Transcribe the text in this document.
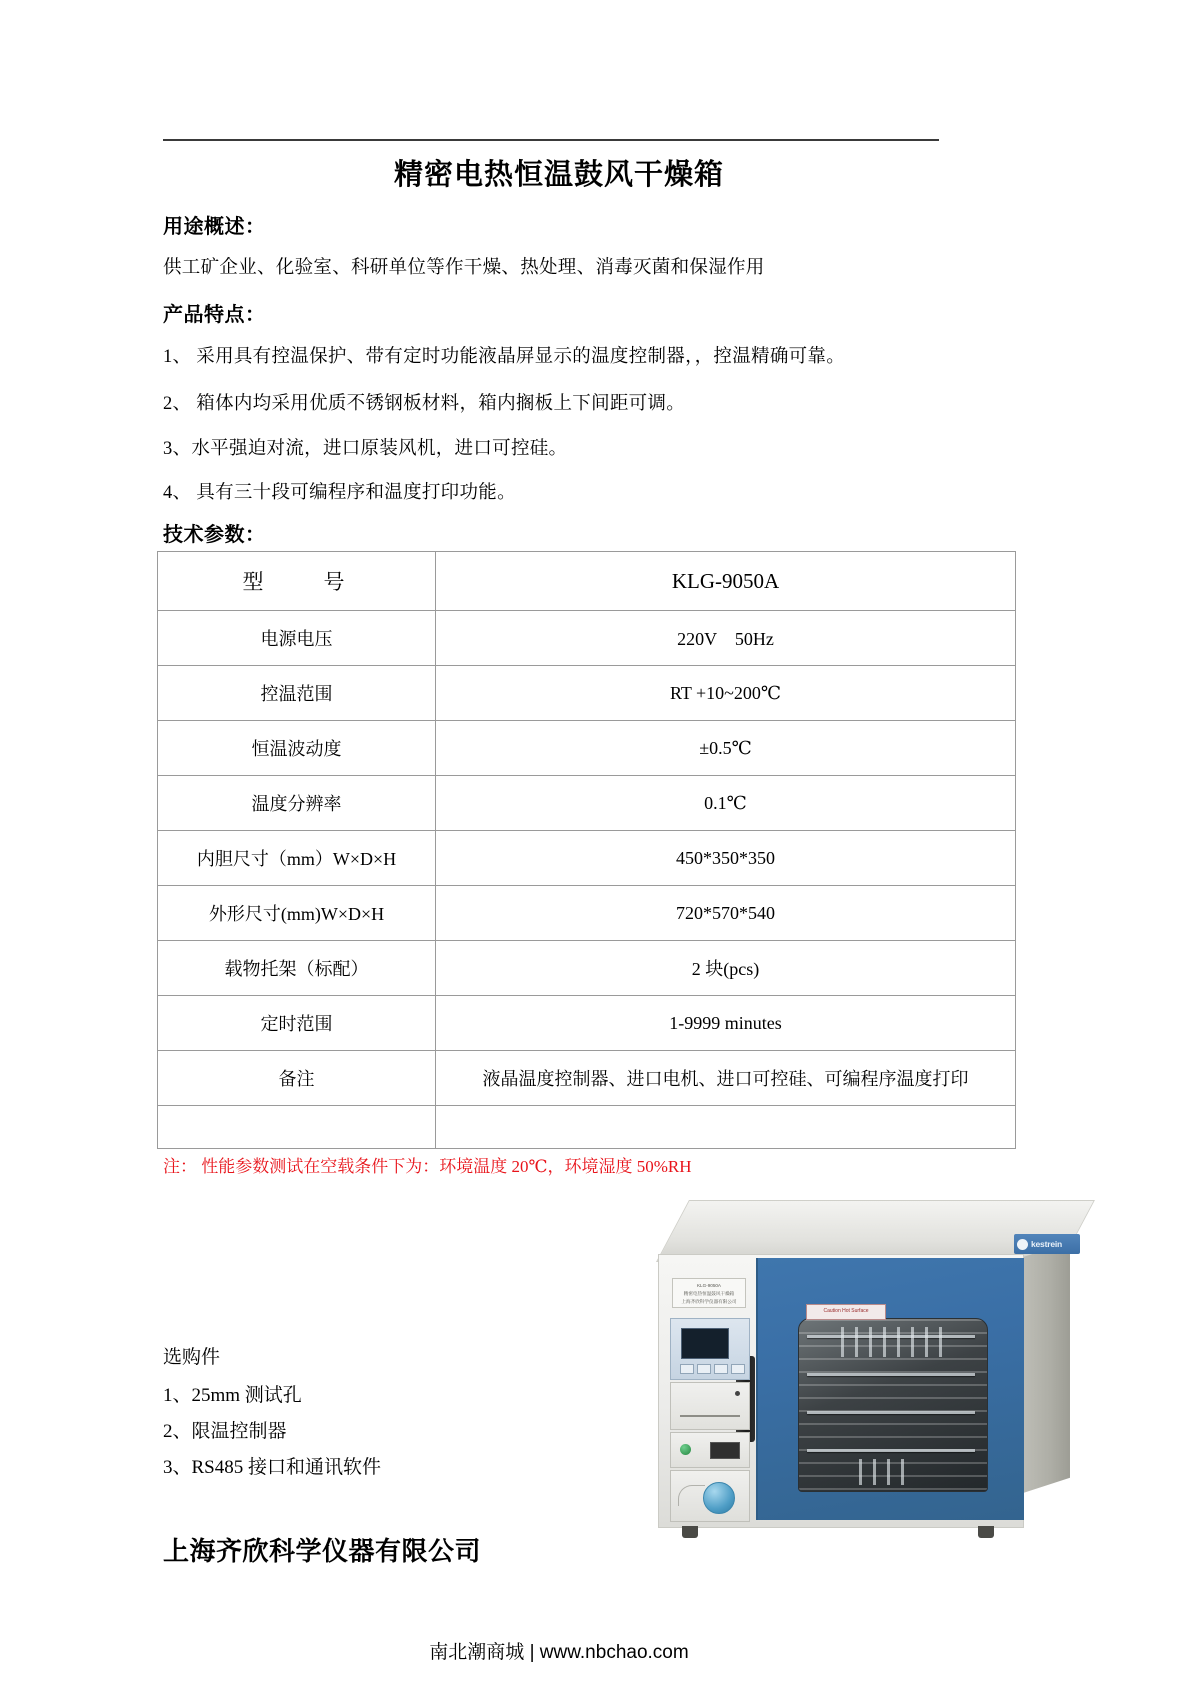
精密电热恒温鼓风干燥箱
用途概述：
供工矿企业、化验室、科研单位等作干燥、热处理、消毒灭菌和保湿作用
产品特点：
1、 采用具有控温保护、带有定时功能液晶屏显示的温度控制器，，控温精确可靠。
2、 箱体内均采用优质不锈钢板材料，箱内搁板上下间距可调。
3、水平强迫对流，进口原装风机，进口可控硅。
4、 具有三十段可编程序和温度打印功能。
技术参数：
型　　号	KLG-9050A
电源电压	220V　50Hz
控温范围	RT +10~200℃
恒温波动度	±0.5℃
温度分辨率	0.1℃
内胆尺寸（mm）W×D×H	450*350*350
外形尺寸(mm)W×D×H	720*570*540
载物托架（标配）	2 块(pcs)
定时范围	1-9999 minutes
备注	液晶温度控制器、进口电机、进口可控硅、可编程序温度打印

注： 性能参数测试在空载条件下为：环境温度 20℃，环境湿度 50%RH
选购件
1、25mm 测试孔
2、限温控制器
3、RS485 接口和通讯软件
上海齐欣科学仪器有限公司
南北潮商城 | www.nbchao.com
kestrein
Caution Hot Surface
KLG-9050A
精密电热恒温鼓风干燥箱
上海齐欣科学仪器有限公司
